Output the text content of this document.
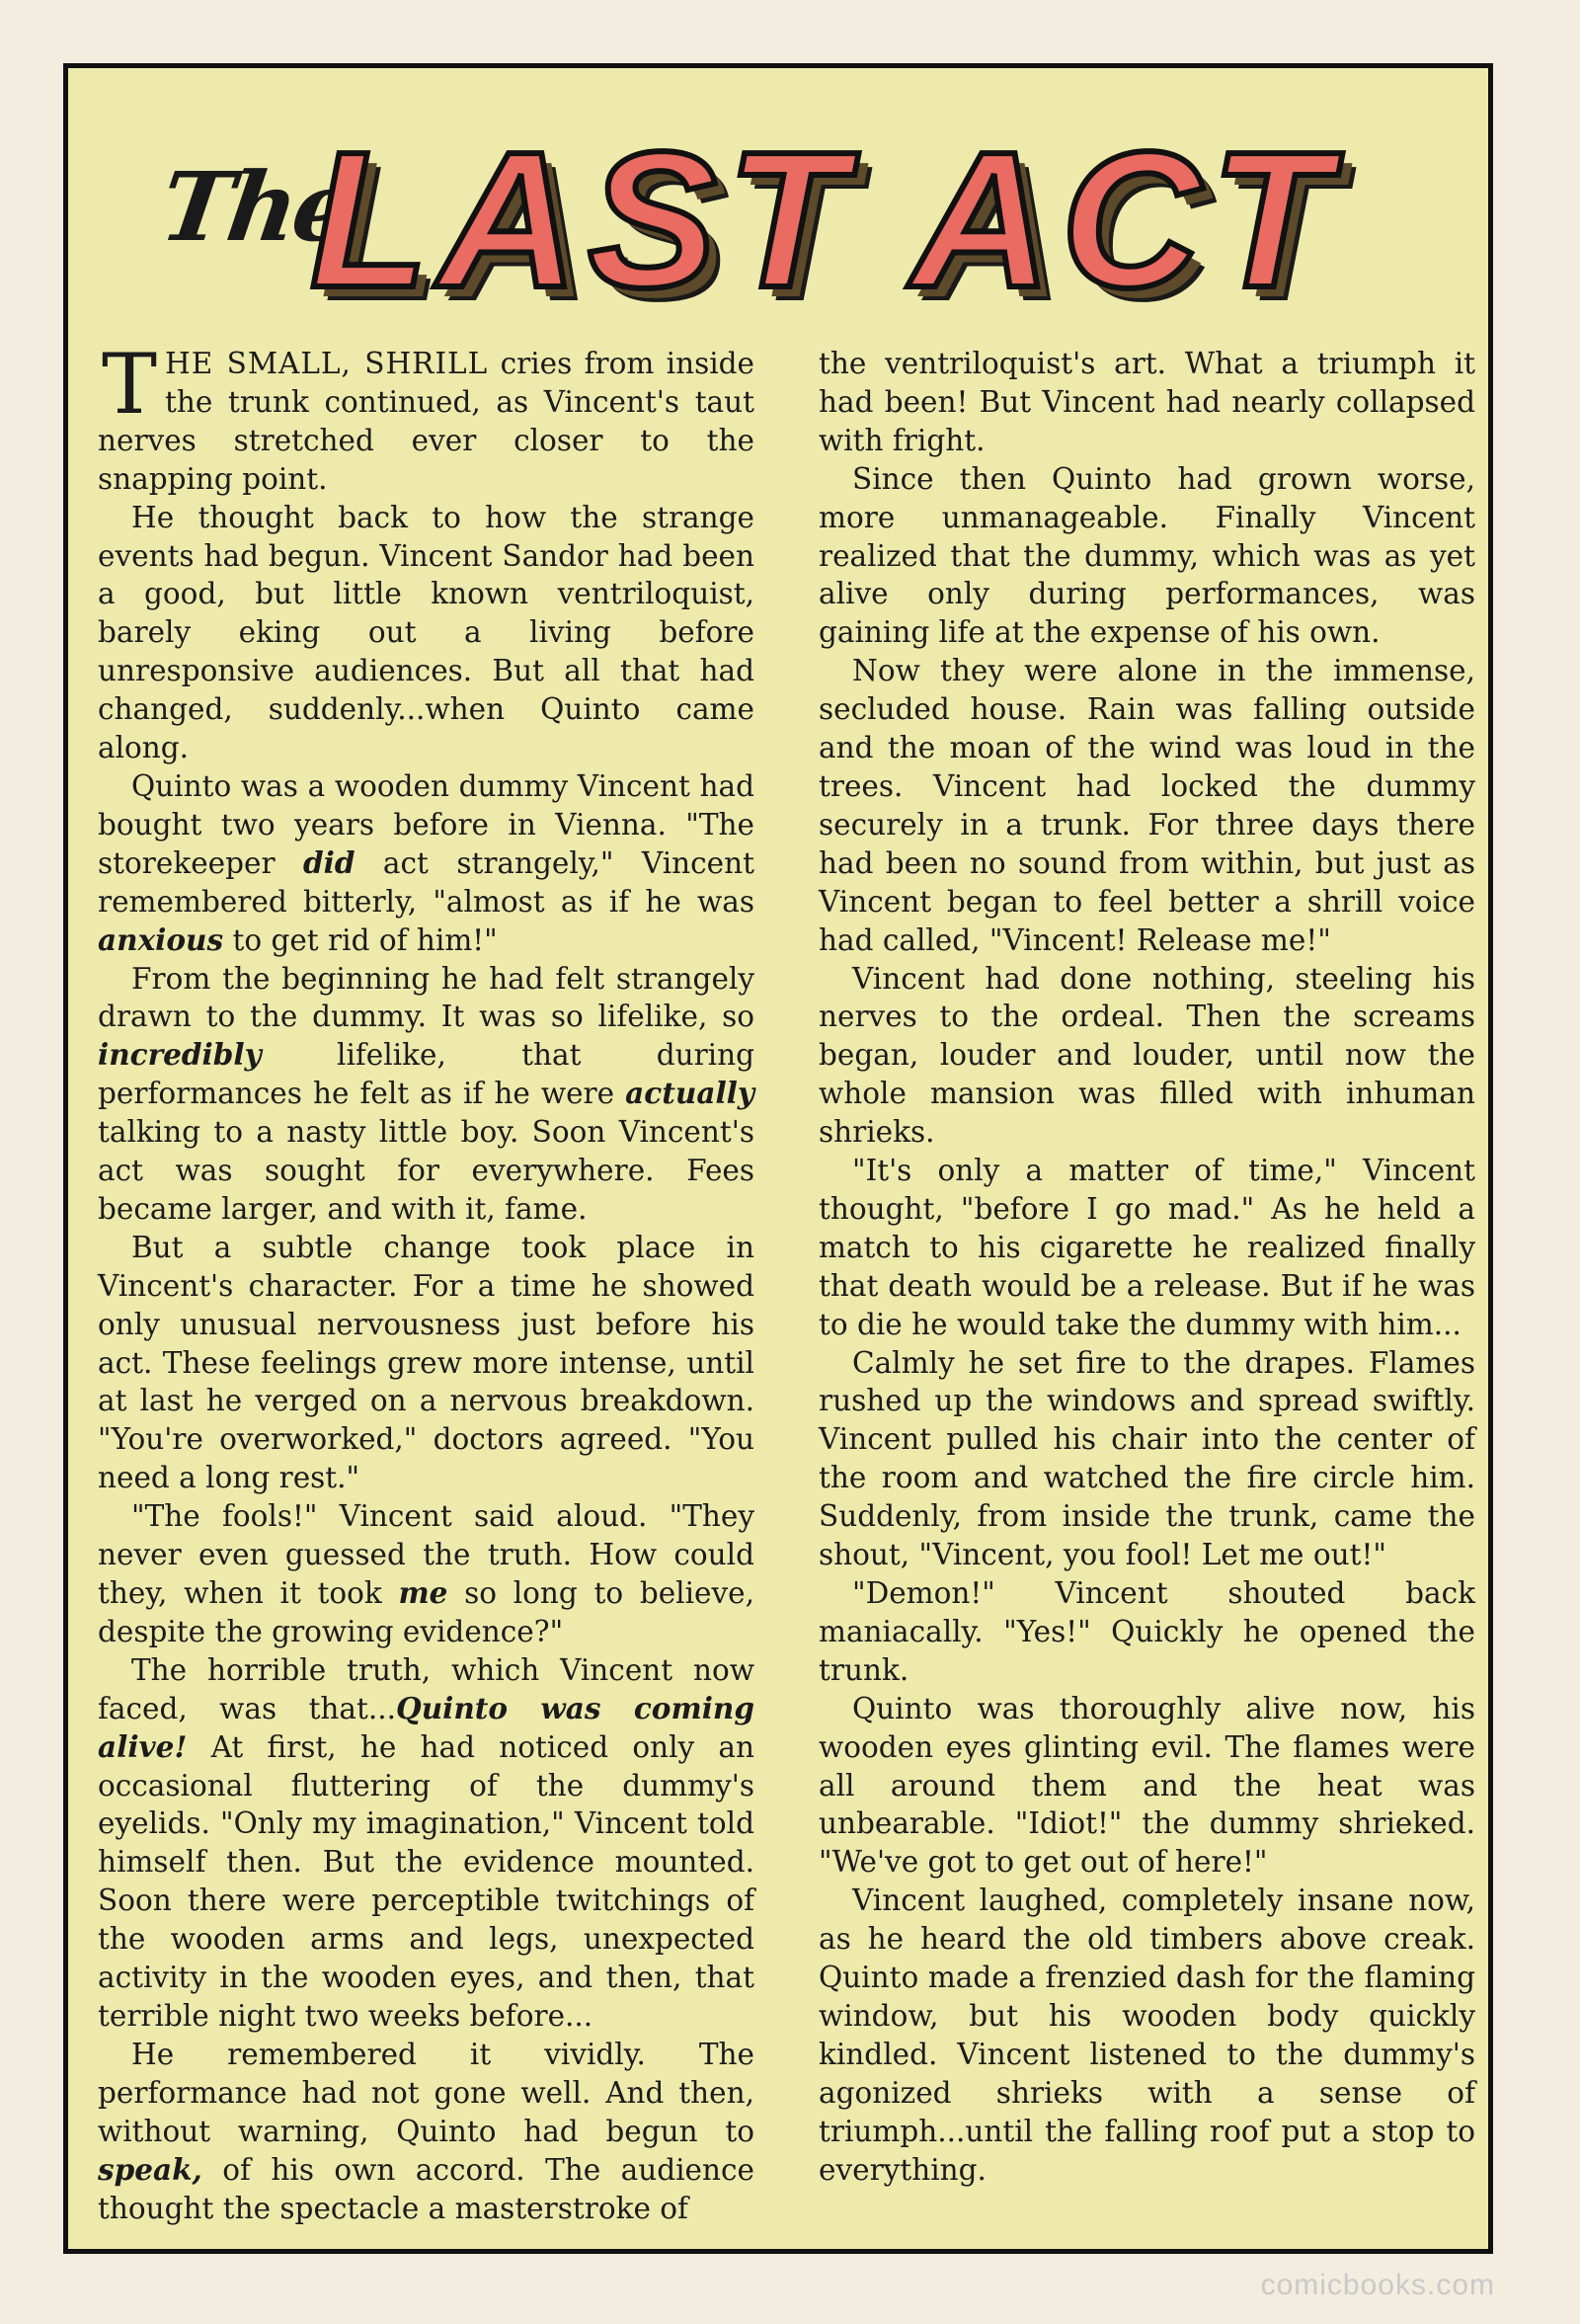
The
LAST ACT

THE SMALL, SHRILL cries from inside the trunk continued, as Vincent's taut nerves stretched ever closer to the snapping point.

He thought back to how the strange events had begun. Vincent Sandor had been a good, but little known ventriloquist, barely eking out a living before unresponsive audiences. But all that had changed, suddenly...when Quinto came along.

Quinto was a wooden dummy Vincent had bought two years before in Vienna. "The storekeeper did act strangely," Vincent remembered bitterly, "almost as if he was anxious to get rid of him!"

From the beginning he had felt strangely drawn to the dummy. It was so lifelike, so incredibly lifelike, that during performances he felt as if he were actually talking to a nasty little boy. Soon Vincent's act was sought for everywhere. Fees became larger, and with it, fame.

But a subtle change took place in Vincent's character. For a time he showed only unusual nervousness just before his act. These feelings grew more intense, until at last he verged on a nervous breakdown. "You're overworked," doctors agreed. "You need a long rest."

"The fools!" Vincent said aloud. "They never even guessed the truth. How could they, when it took me so long to believe, despite the growing evidence?"

The horrible truth, which Vincent now faced, was that...Quinto was coming alive! At first, he had noticed only an occasional fluttering of the dummy's eyelids. "Only my imagination," Vincent told himself then. But the evidence mounted. Soon there were perceptible twitchings of the wooden arms and legs, unexpected activity in the wooden eyes, and then, that terrible night two weeks before...

He remembered it vividly. The performance had not gone well. And then, without warning, Quinto had begun to speak, of his own accord. The audience thought the spectacle a masterstroke of

the ventriloquist's art. What a triumph it had been! But Vincent had nearly collapsed with fright.

Since then Quinto had grown worse, more unmanageable. Finally Vincent realized that the dummy, which was as yet alive only during performances, was gaining life at the expense of his own.

Now they were alone in the immense, secluded house. Rain was falling outside and the moan of the wind was loud in the trees. Vincent had locked the dummy securely in a trunk. For three days there had been no sound from within, but just as Vincent began to feel better a shrill voice had called, "Vincent! Release me!"

Vincent had done nothing, steeling his nerves to the ordeal. Then the screams began, louder and louder, until now the whole mansion was filled with inhuman shrieks.

"It's only a matter of time," Vincent thought, "before I go mad." As he held a match to his cigarette he realized finally that death would be a release. But if he was to die he would take the dummy with him...

Calmly he set fire to the drapes. Flames rushed up the windows and spread swiftly. Vincent pulled his chair into the center of the room and watched the fire circle him. Suddenly, from inside the trunk, came the shout, "Vincent, you fool! Let me out!"

"Demon!" Vincent shouted back maniacally. "Yes!" Quickly he opened the trunk.

Quinto was thoroughly alive now, his wooden eyes glinting evil. The flames were all around them and the heat was unbearable. "Idiot!" the dummy shrieked. "We've got to get out of here!"

Vincent laughed, completely insane now, as he heard the old timbers above creak. Quinto made a frenzied dash for the flaming window, but his wooden body quickly kindled. Vincent listened to the dummy's agonized shrieks with a sense of triumph...until the falling roof put a stop to everything.

comicbooks.com
